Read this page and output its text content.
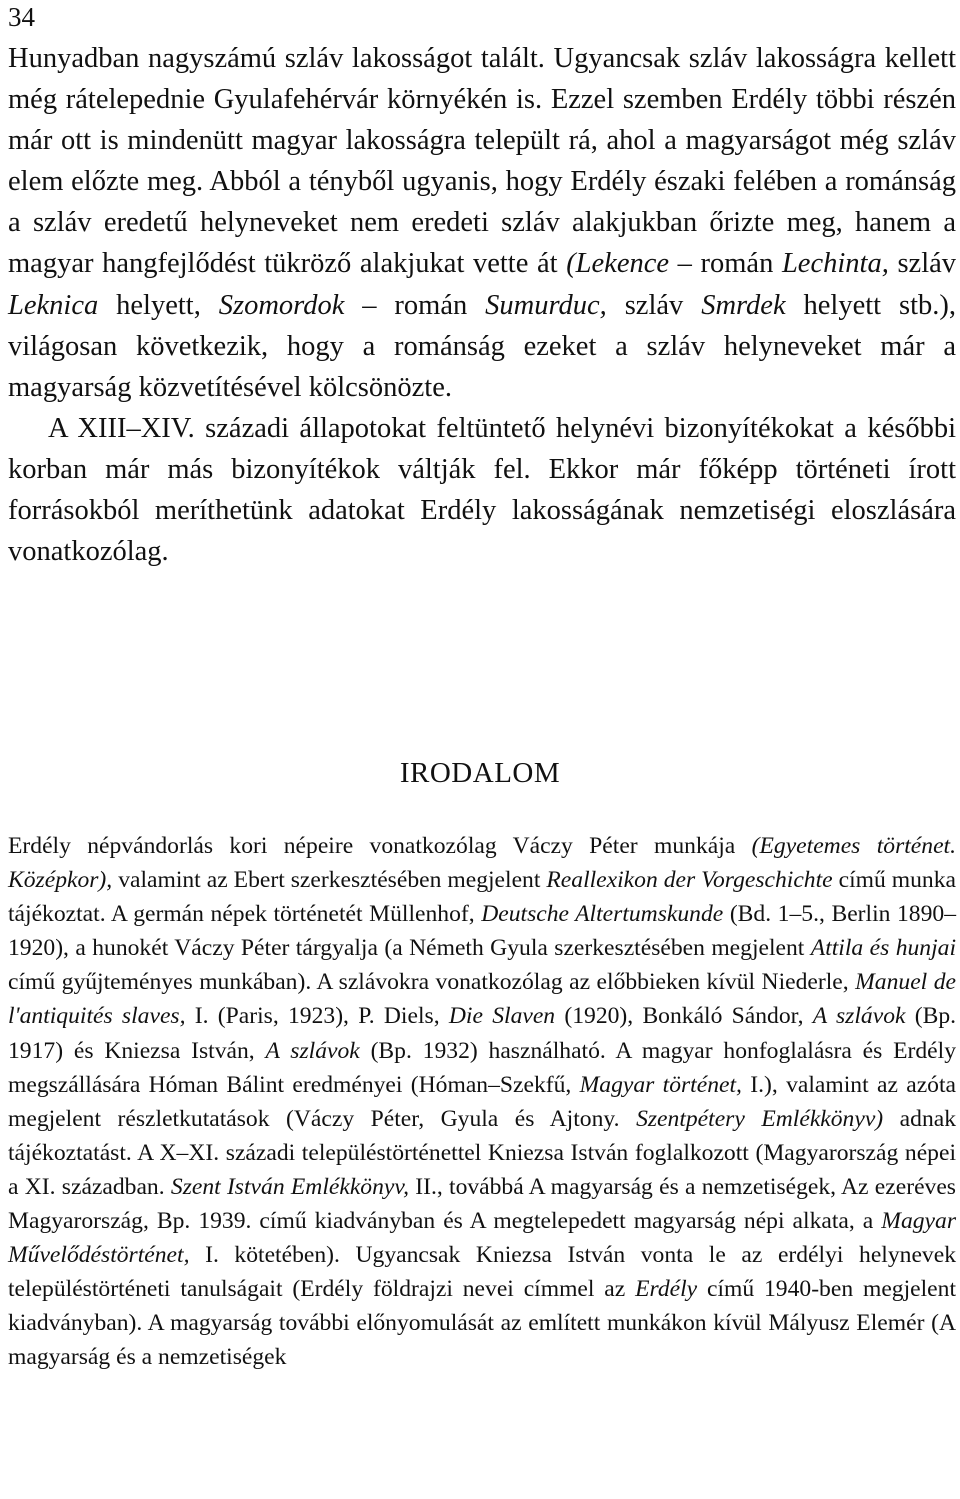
34

Hunyadban nagyszámú szláv lakosságot talált. Ugyancsak szláv lakosságra kellett még rátelepednie Gyulafehérvár környékén is. Ezzel szemben Erdély többi részén már ott is mindenütt magyar lakosságra települt rá, ahol a magyarságot még szláv elem előzte meg. Abból a tényből ugyanis, hogy Erdély északi felében a románság a szláv eredetű helyneveket nem eredeti szláv alakjukban őrizte meg, hanem a magyar hangfejlődést tükröző alakjukat vette át (Lekence – román Lechinta, szláv Leknica helyett, Szomordok – román Sumurduc, szláv Smrdek helyett stb.), világosan következik, hogy a románság ezeket a szláv helyneveket már a magyarság közvetítésével kölcsönözte.

A XIII–XIV. századi állapotokat feltüntető helynévi bizonyítékokat a későbbi korban már más bizonyítékok váltják fel. Ekkor már főképp történeti írott forrásokból meríthetünk adatokat Erdély lakosságának nemzetiségi eloszlására vonatkozólag.

IRODALOM

Erdély népvándorlás kori népeire vonatkozólag Váczy Péter munkája (Egyetemes történet. Középkor), valamint az Ebert szerkesztésében megjelent Reallexikon der Vorgeschichte című munka tájékoztat. A germán népek történetét Müllenhof, Deutsche Altertumskunde (Bd. 1–5., Berlin 1890–1920), a hunokét Váczy Péter tárgyalja (a Németh Gyula szerkesztésében megjelent Attila és hunjai című gyűjteményes munkában). A szlávokra vonatkozólag az előbbieken kívül Niederle, Manuel de l'antiquités slaves, I. (Paris, 1923), P. Diels, Die Slaven (1920), Bonkáló Sándor, A szlávok (Bp. 1917) és Kniezsa István, A szlávok (Bp. 1932) használható. A magyar honfoglalásra és Erdély megszállására Hóman Bálint eredményei (Hóman–Szekfű, Magyar történet, I.), valamint az azóta megjelent részletkutatások (Váczy Péter, Gyula és Ajtony. Szentpétery Emlékkönyv) adnak tájékoztatást. A X–XI. századi településtörténettel Kniezsa István foglalkozott (Magyarország népei a XI. században. Szent István Emlékkönyv, II., továbbá A magyarság és a nemzetiségek, Az ezeréves Magyarország, Bp. 1939. című kiadványban és A megtelepedett magyarság népi alkata, a Magyar Művelődéstörténet, I. kötetében). Ugyancsak Kniezsa István vonta le az erdélyi helynevek településtörténeti tanulságait (Erdély földrajzi nevei címmel az Erdély című 1940-ben megjelent kiadványban). A magyarság további előnyomulását az említett munkákon kívül Mályusz Elemér (A magyarság és a nemzetiségek
